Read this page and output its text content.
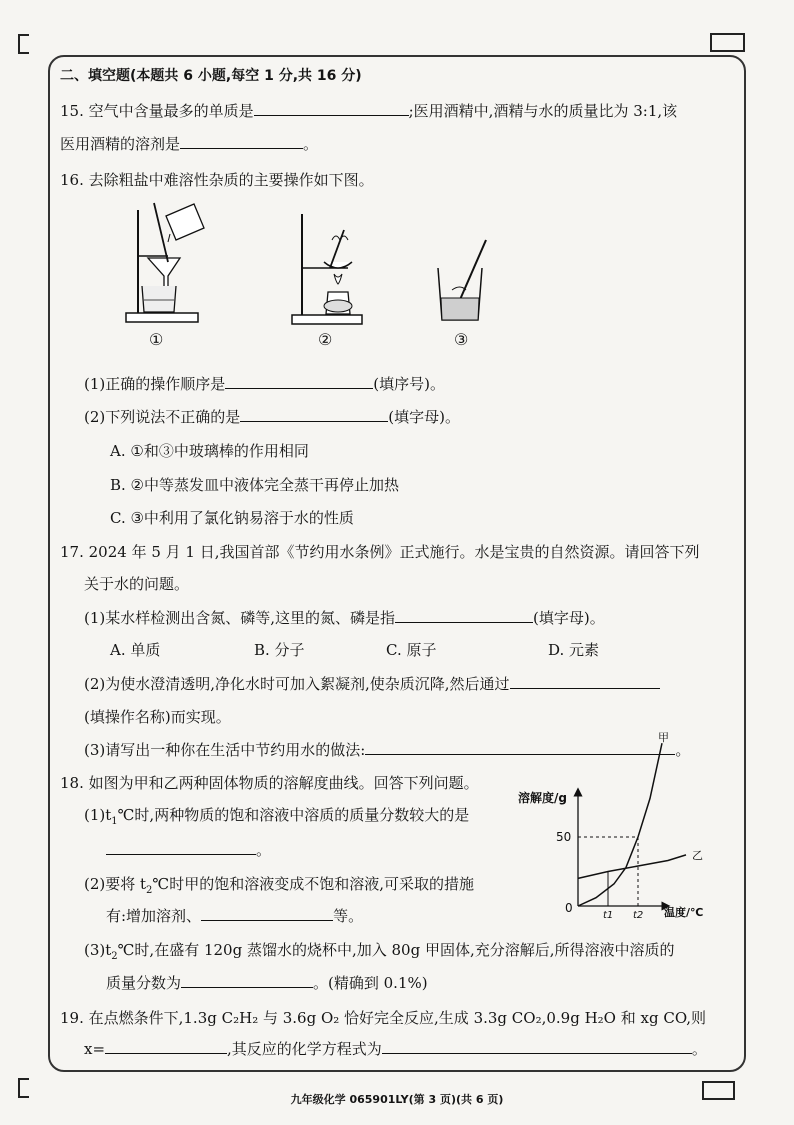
二、填空题(本题共 6 小题,每空 1 分,共 16 分)
15. 空气中含量最多的单质是	;医用酒精中,酒精与水的质量比为 3:1,该
医用酒精的溶剂是	。
16. 去除粗盐中难溶性杂质的主要操作如下图。
①	②	③
(1)正确的操作顺序是	(填序号)。
(2)下列说法不正确的是	(填字母)。
A. ①和③中玻璃棒的作用相同
B. ②中等蒸发皿中液体完全蒸干再停止加热
C. ③中利用了氯化钠易溶于水的性质
17. 2024 年 5 月 1 日,我国首部《节约用水条例》正式施行。水是宝贵的自然资源。请回答下列
关于水的问题。
(1)某水样检测出含氮、磷等,这里的氮、磷是指	(填字母)。
A. 单质	B. 分子	C. 原子	D. 元素
(2)为使水澄清透明,净化水时可加入絮凝剂,使杂质沉降,然后通过
(填操作名称)而实现。
(3)请写出一种你在生活中节约用水的做法:	。
18. 如图为甲和乙两种固体物质的溶解度曲线。回答下列问题。
$(1)t_1℃$时,两种物质的饱和溶液中溶质的质量分数较大的是
。
(2)要将 $t_2℃$时甲的饱和溶液变成不饱和溶液,可采取的措施
有:增加溶剂、	等。
$(3)t_2℃$时,在盛有 120g 蒸馏水的烧杯中,加入 80g 甲固体,充分溶解后,所得溶液中溶质的
质量分数为	。(精确到 0.1%)
溶解度/g
温度/℃
0
50
t1 t2
甲
乙
19. 在点燃条件下,1.3g C₂H₂ 与 3.6g O₂ 恰好完全反应,生成 3.3g CO₂,0.9g H₂O 和 xg CO,则
x=	,其反应的化学方程式为	。
九年级化学 065901LY(第 3 页)(共 6 页)
